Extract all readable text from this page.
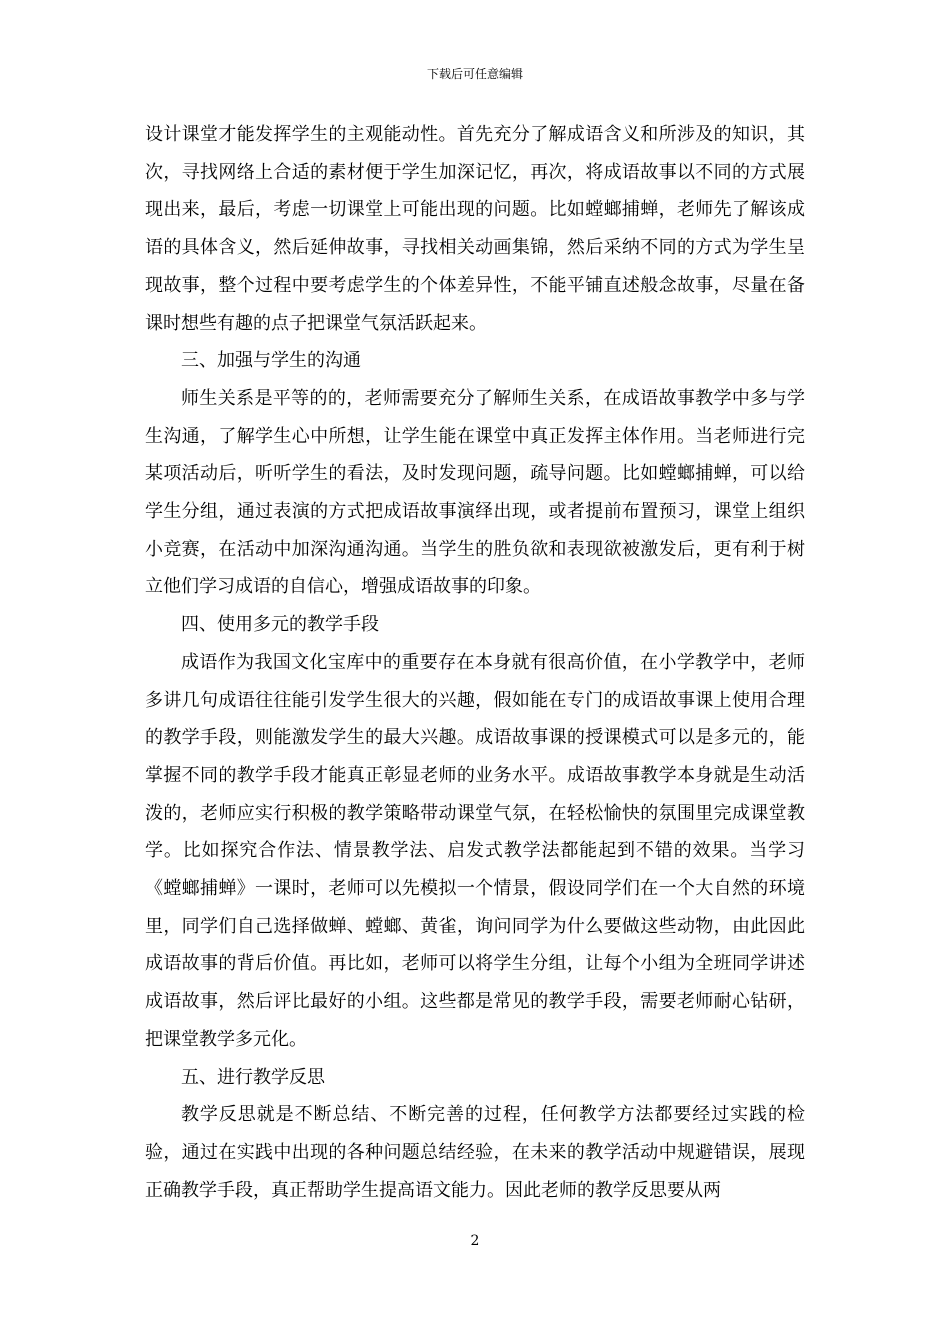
下载后可任意编辑

设计课堂才能发挥学生的主观能动性。首先充分了解成语含义和所涉及的知识，其次，寻找网络上合适的素材便于学生加深记忆，再次，将成语故事以不同的方式展现出来，最后，考虑一切课堂上可能出现的问题。比如螳螂捕蝉，老师先了解该成语的具体含义，然后延伸故事，寻找相关动画集锦，然后采纳不同的方式为学生呈现故事，整个过程中要考虑学生的个体差异性，不能平铺直述般念故事，尽量在备课时想些有趣的点子把课堂气氛活跃起来。

三、加强与学生的沟通

师生关系是平等的的，老师需要充分了解师生关系，在成语故事教学中多与学生沟通，了解学生心中所想，让学生能在课堂中真正发挥主体作用。当老师进行完某项活动后，听听学生的看法，及时发现问题，疏导问题。比如螳螂捕蝉，可以给学生分组，通过表演的方式把成语故事演绎出现，或者提前布置预习，课堂上组织小竞赛，在活动中加深沟通沟通。当学生的胜负欲和表现欲被激发后，更有利于树立他们学习成语的自信心，增强成语故事的印象。

四、使用多元的教学手段

成语作为我国文化宝库中的重要存在本身就有很高价值，在小学教学中，老师多讲几句成语往往能引发学生很大的兴趣，假如能在专门的成语故事课上使用合理的教学手段，则能激发学生的最大兴趣。成语故事课的授课模式可以是多元的，能掌握不同的教学手段才能真正彰显老师的业务水平。成语故事教学本身就是生动活泼的，老师应实行积极的教学策略带动课堂气氛，在轻松愉快的氛围里完成课堂教学。比如探究合作法、情景教学法、启发式教学法都能起到不错的效果。当学习《螳螂捕蝉》一课时，老师可以先模拟一个情景，假设同学们在一个大自然的环境里，同学们自己选择做蝉、螳螂、黄雀，询问同学为什么要做这些动物，由此因此成语故事的背后价值。再比如，老师可以将学生分组，让每个小组为全班同学讲述成语故事，然后评比最好的小组。这些都是常见的教学手段，需要老师耐心钻研，把课堂教学多元化。

五、进行教学反思

教学反思就是不断总结、不断完善的过程，任何教学方法都要经过实践的检验，通过在实践中出现的各种问题总结经验，在未来的教学活动中规避错误，展现正确教学手段，真正帮助学生提高语文能力。因此老师的教学反思要从两

2
